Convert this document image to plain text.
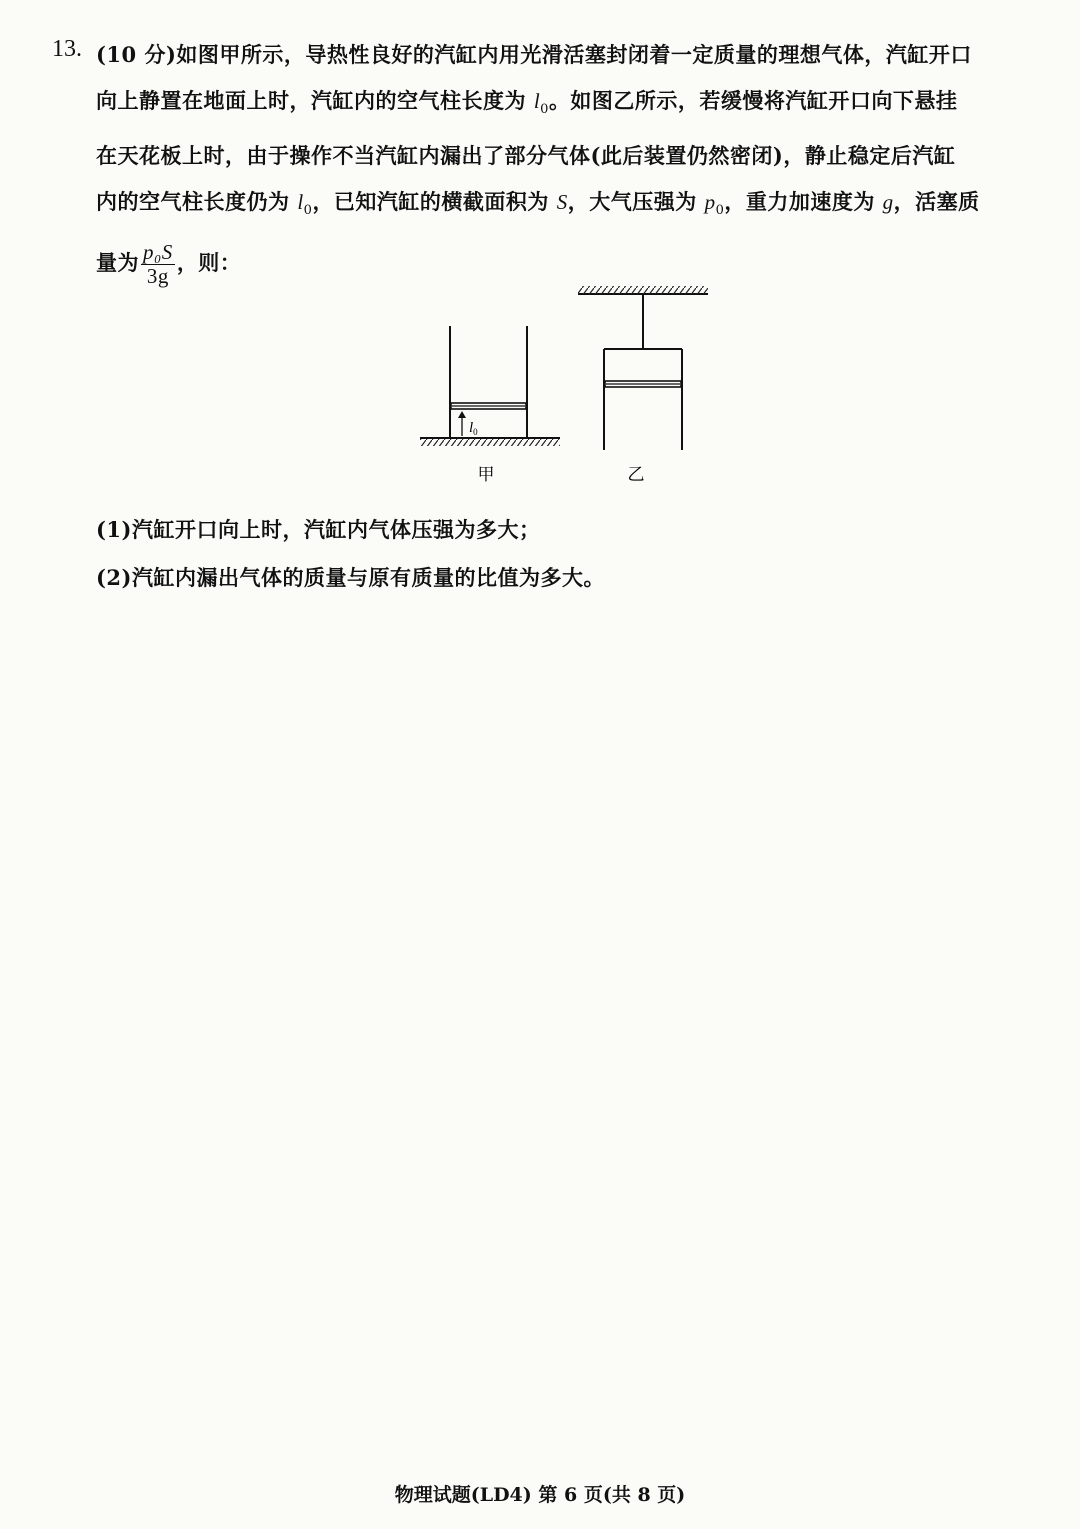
13. (10 分)如图甲所示，导热性良好的汽缸内用光滑活塞封闭着一定质量的理想气体，汽缸开口
向上静置在地面上时，汽缸内的空气柱长度为 $l_0$。如图乙所示，若缓慢将汽缸开口向下悬挂
在天花板上时，由于操作不当汽缸内漏出了部分气体(此后装置仍然密闭)，静止稳定后汽缸
内的空气柱长度仍为 $l_0$，已知汽缸的横截面积为 S，大气压强为 $p_0$，重力加速度为 g，活塞质
量为 $\frac{\text{p₀S}}{3g}$ ，则：
$l_0$
甲	乙
(1)汽缸开口向上时，汽缸内气体压强为多大；
(2)汽缸内漏出气体的质量与原有质量的比值为多大。
物理试题(LD4) 第 6 页(共 8 页)
